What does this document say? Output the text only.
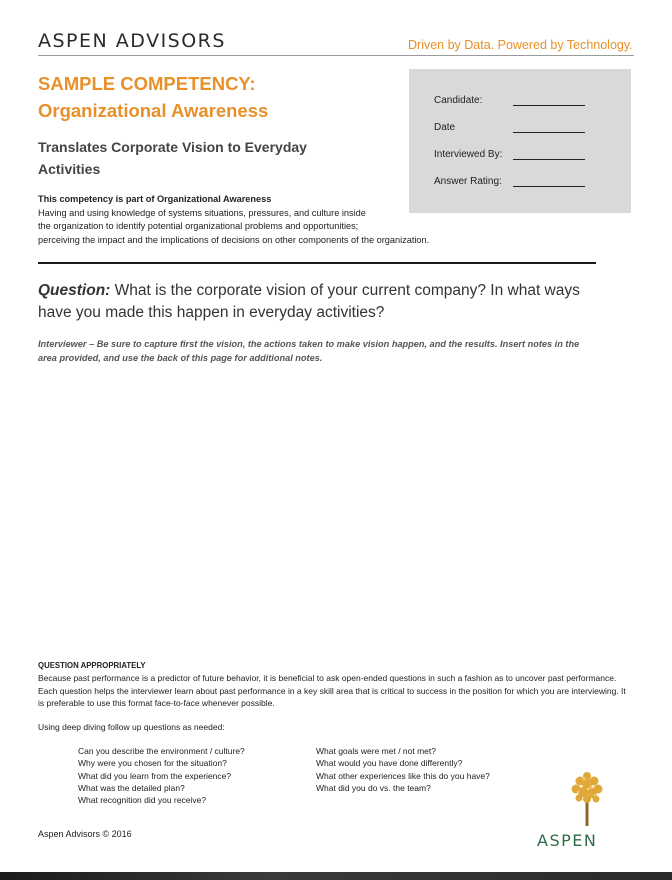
ASPEN ADVISORS	Driven by Data. Powered by Technology.
SAMPLE COMPETENCY:
Organizational Awareness
Translates Corporate Vision to Everyday Activities
Candidate:
Date
Interviewed By:
Answer Rating:
This competency is part of Organizational Awareness
Having and using knowledge of systems situations, pressures, and culture inside
the organization to identify potential organizational problems and opportunities;
perceiving the impact and the implications of decisions on other components of the organization.
Question: What is the corporate vision of your current company? In what ways have you made this happen in everyday activities?
Interviewer – Be sure to capture first the vision, the actions taken to make vision happen, and the results. Insert notes in the area provided, and use the back of this page for additional notes.
QUESTION APPROPRIATELY
Because past performance is a predictor of future behavior, it is beneficial to ask open-ended questions in such a fashion as to uncover past performance. Each question helps the interviewer learn about past performance in a key skill area that is critical to success in the position for which you are interviewing. It is preferable to use this format face-to-face whenever possible.
Using deep diving follow up questions as needed:
Can you describe the environment / culture?
Why were you chosen for the situation?
What did you learn from the experience?
What was the detailed plan?
What recognition did you receive?
What goals were met / not met?
What would you have done differently?
What other experiences like this do you have?
What did you do vs. the team?
Aspen Advisors © 2016	ASPEN
